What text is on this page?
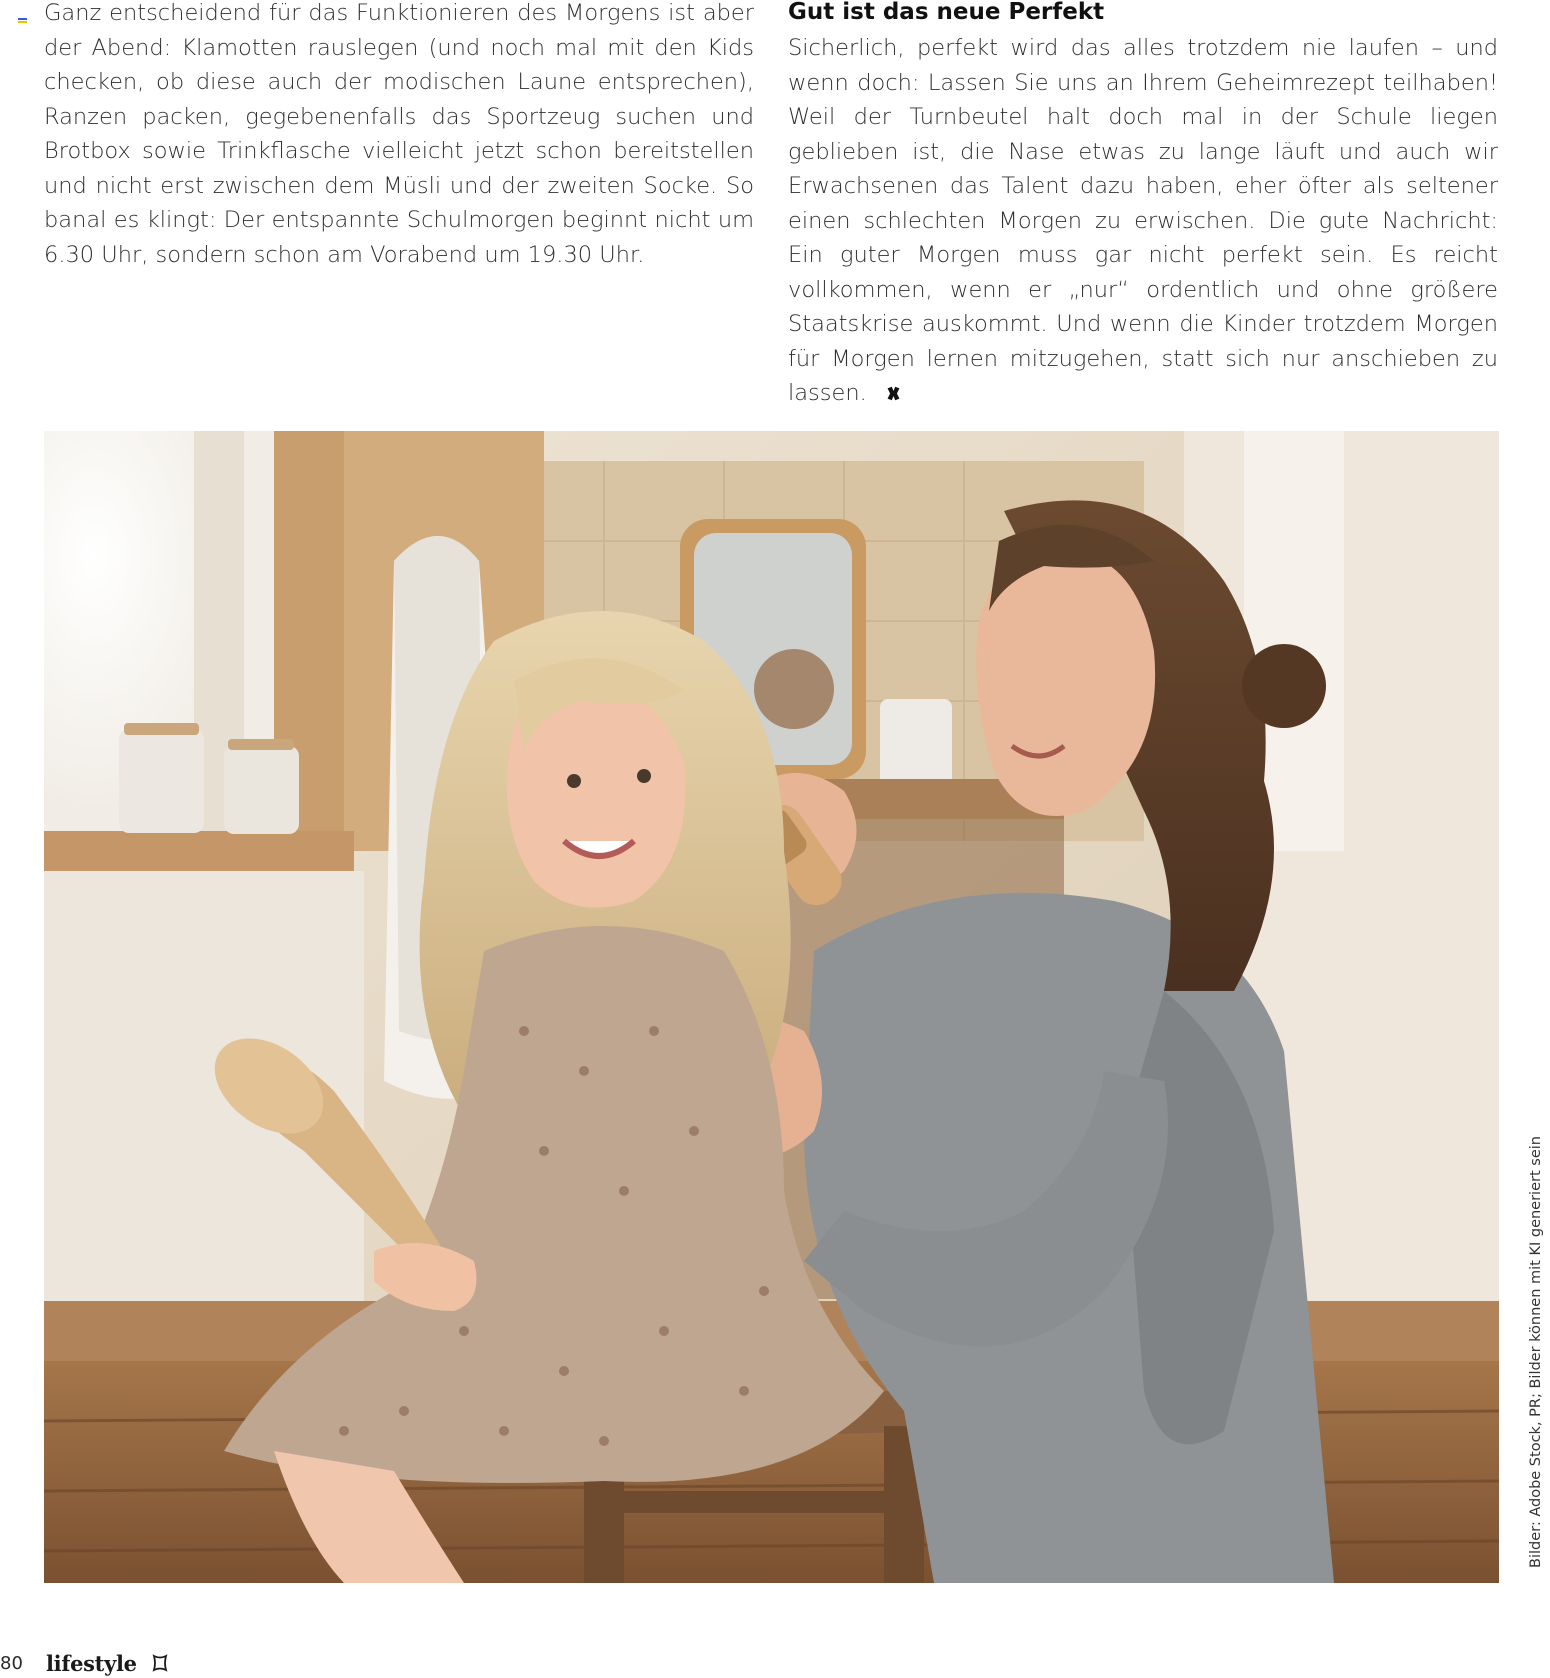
Ganz entscheidend für das Funktionieren des Morgens ist aber der Abend: Klamotten rauslegen (und noch mal mit den Kids checken, ob diese auch der modischen Laune entsprechen), Ranzen packen, gegebenenfalls das Sportzeug suchen und Brotbox sowie Trinkflasche vielleicht jetzt schon bereitstellen und nicht erst zwischen dem Müsli und der zweiten Socke. So banal es klingt: Der entspannte Schulmorgen beginnt nicht um 6.30 Uhr, sondern schon am Vorabend um 19.30 Uhr.

Gut ist das neue Perfekt

Sicherlich, perfekt wird das alles trotzdem nie laufen – und wenn doch: Lassen Sie uns an Ihrem Geheimrezept teilhaben! Weil der Turnbeutel halt doch mal in der Schule liegen geblieben ist, die Nase etwas zu lange läuft und auch wir Erwachsenen das Talent dazu haben, eher öfter als seltener einen schlechten Morgen zu erwischen. Die gute Nachricht: Ein guter Morgen muss gar nicht perfekt sein. Es reicht vollkommen, wenn er „nur“ ordentlich und ohne größere Staatskrise auskommt. Und wenn die Kinder trotzdem Morgen für Morgen lernen mitzugehen, statt sich nur anschieben zu lassen.

Bilder: Adobe Stock, PR; Bilder können mit KI generiert sein
80 lifestyle
